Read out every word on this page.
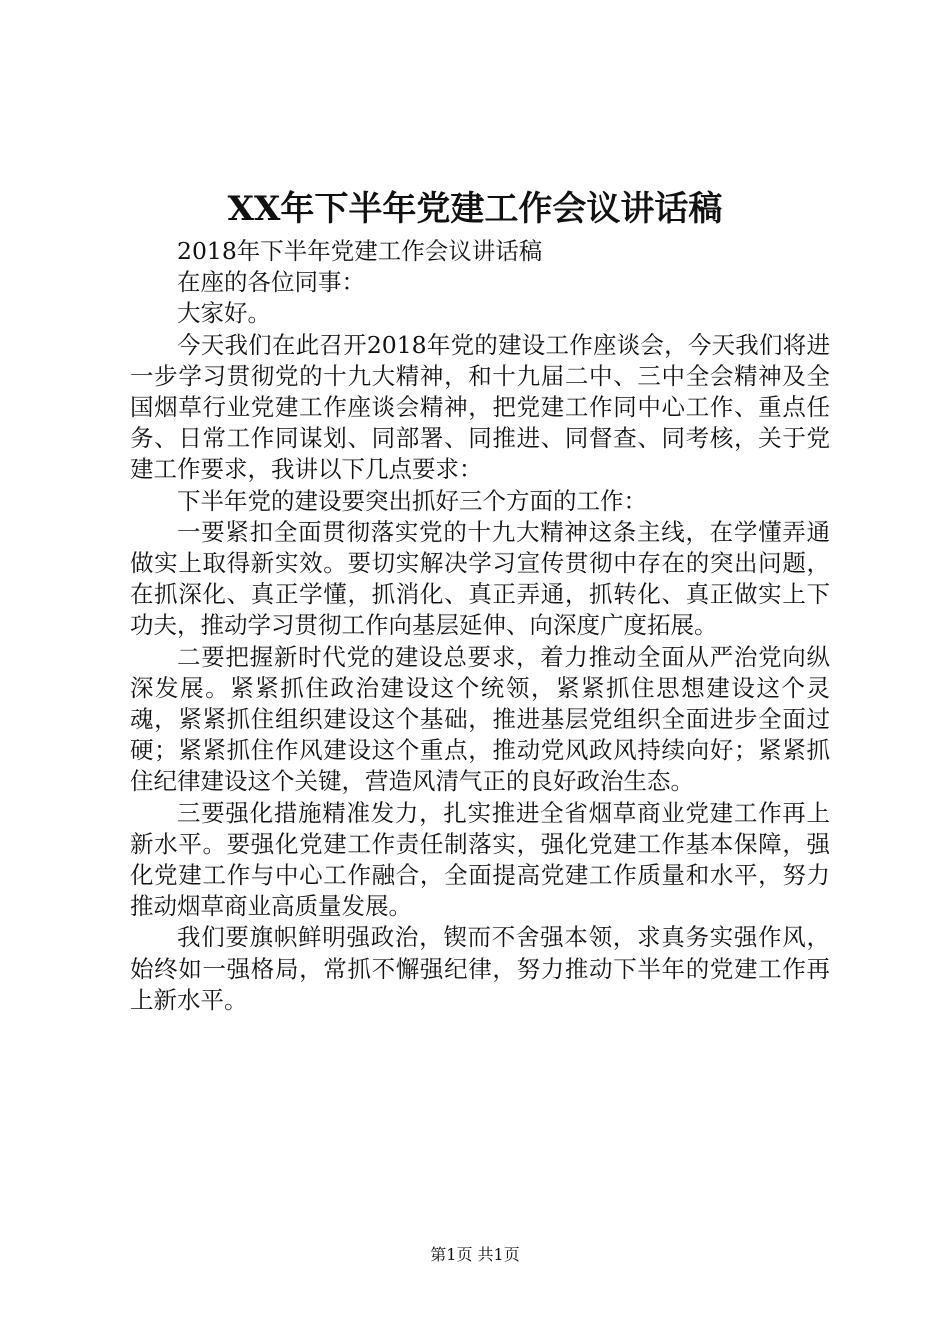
XX年下半年党建工作会议讲话稿

2018年下半年党建工作会议讲话稿

在座的各位同事：

大家好。

今天我们在此召开2018年党的建设工作座谈会，今天我们将进一步学习贯彻党的十九大精神，和十九届二中、三中全会精神及全国烟草行业党建工作座谈会精神，把党建工作同中心工作、重点任务、日常工作同谋划、同部署、同推进、同督查、同考核，关于党建工作要求，我讲以下几点要求：

下半年党的建设要突出抓好三个方面的工作：

一要紧扣全面贯彻落实党的十九大精神这条主线，在学懂弄通做实上取得新实效。要切实解决学习宣传贯彻中存在的突出问题，在抓深化、真正学懂，抓消化、真正弄通，抓转化、真正做实上下功夫，推动学习贯彻工作向基层延伸、向深度广度拓展。

二要把握新时代党的建设总要求，着力推动全面从严治党向纵深发展。紧紧抓住政治建设这个统领，紧紧抓住思想建设这个灵魂，紧紧抓住组织建设这个基础，推进基层党组织全面进步全面过硬；紧紧抓住作风建设这个重点，推动党风政风持续向好；紧紧抓住纪律建设这个关键，营造风清气正的良好政治生态。

三要强化措施精准发力，扎实推进全省烟草商业党建工作再上新水平。要强化党建工作责任制落实，强化党建工作基本保障，强化党建工作与中心工作融合，全面提高党建工作质量和水平，努力推动烟草商业高质量发展。

我们要旗帜鲜明强政治，锲而不舍强本领，求真务实强作风，始终如一强格局，常抓不懈强纪律，努力推动下半年的党建工作再上新水平。

第1页 共1页
